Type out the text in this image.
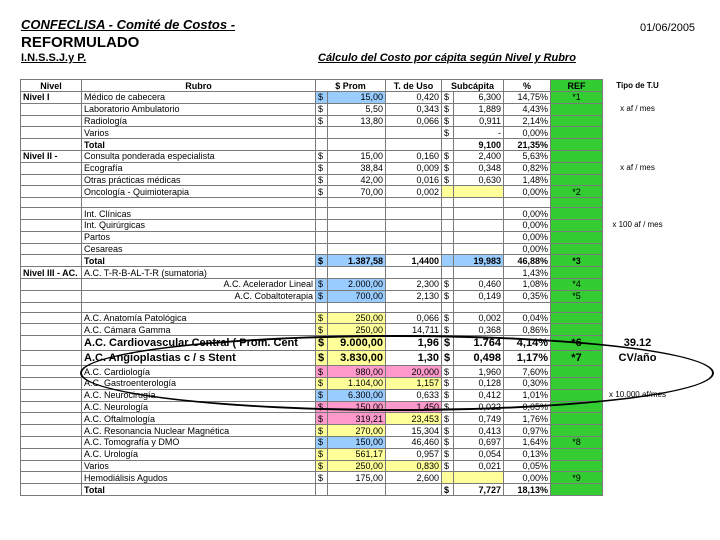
CONFECLISA - Comité de Costos -
REFORMULADO
I.N.S.S.J.y P.	Cálculo del Costo por cápita según Nivel y Rubro
01/06/2005
Nivel	Rubro	$ Prom		T. de Uso	Subcápita		%	REF	Tipo de T.U
Nivel I	Médico de cabecera	$	15,00	0,420	$	6,300	14,75%	*1	
	Laboratorio Ambulatorio	$	5,50	0,343	$	1,889	4,43%		x af / mes
	Radiología	$	13,80	0,066	$	0,911	2,14%		
	Varios				$	-	0,00%		
	Total					9,100	21,35%		
Nivel II -	Consulta ponderada especialista	$	15,00	0,160	$	2,400	5,63%		
	Ecografía	$	38,84	0,009	$	0,348	0,82%		x af / mes
	Otras prácticas médicas	$	42,00	0,016	$	0,630	1,48%		
	Oncología - Quimioterapia	$	70,00	0,002			0,00%	*2	

	Int. Clínicas						0,00%		
	Int. Quirúrgicas						0,00%		x 100 af / mes
	Partos						0,00%		
	Cesareas						0,00%		
	Total	$	1.387,58	1,4400		19,983	46,88%	*3	
Nivel III - AC.	A.C. T-R-B-AL-T-R (sumatoria)						1,43%		
	A.C. Acelerador Lineal	$	2.000,00	2,300	$	0,460	1,08%	*4	
	A.C. Cobaltoterapia	$	700,00	2,130	$	0,149	0,35%	*5	

	A.C. Anatomía Patológica	$	250,00	0,066	$	0,002	0,04%		
	A.C. Cámara Gamma	$	250,00	14,711	$	0,368	0,86%		
	A.C. Cardiovascular Central ( Prom. Cent	$	9.000,00	1,96	$	1.764	4,14%	*6	39.12
	A.C. Angioplastias c / s Stent	$	3.830,00	1,30	$	0,498	1,17%	*7	CV/año
	A.C. Cardiología	$	980,00	20,000	$	1,960	7,60%		
	A.C. Gastroenterología	$	1.104,00	1,157	$	0,128	0,30%		
	A.C. Neurocirugía	$	6.300,00	0,633	$	0,412	1,01%		x 10.000 af/mes
	A.C. Neurología	$	150,00	1,450	$	0,022	0,05%		
	A.C. Oftalmología	$	319,21	23,453	$	0,749	1,76%		
	A.C. Resonancia Nuclear Magnética	$	270,00	15,304	$	0,413	0,97%		
	A.C. Tomografía y DMO	$	150,00	46,460	$	0,697	1,64%	*8	
	A.C. Urología	$	561,17	0,957	$	0,054	0,13%		
	Varios	$	250,00	0,830	$	0,021	0,05%		
	Hemodiálisis Agudos	$	175,00	2,600			0,00%	*9	
	Total				$	7,727	18,13%		
